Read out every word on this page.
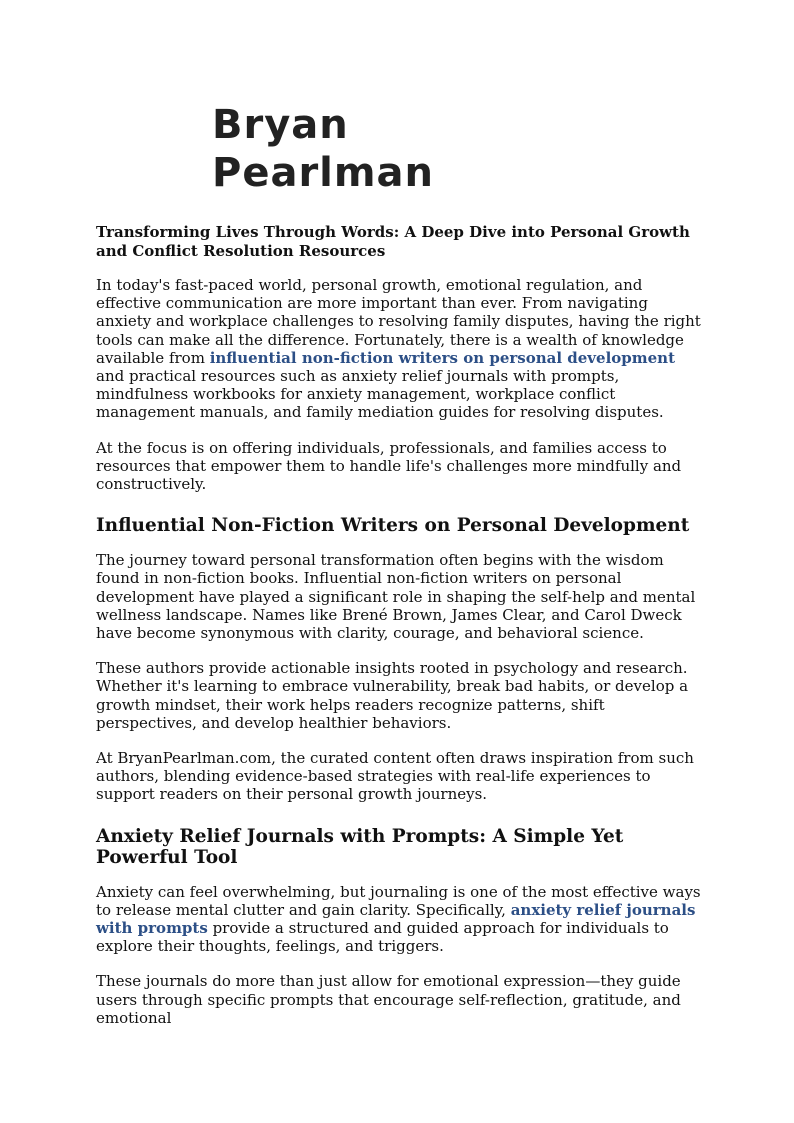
Bryan
Pearlman
Transforming Lives Through Words: A Deep Dive into Personal Growth and Conflict Resolution Resources

In today's fast-paced world, personal growth, emotional regulation, and effective communication are more important than ever. From navigating anxiety and workplace challenges to resolving family disputes, having the right tools can make all the difference. Fortunately, there is a wealth of knowledge available from influential non-fiction writers on personal development and practical resources such as anxiety relief journals with prompts, mindfulness workbooks for anxiety management, workplace conflict management manuals, and family mediation guides for resolving disputes.

At the focus is on offering individuals, professionals, and families access to resources that empower them to handle life's challenges more mindfully and constructively.

Influential Non-Fiction Writers on Personal Development

The journey toward personal transformation often begins with the wisdom found in non-fiction books. Influential non-fiction writers on personal development have played a significant role in shaping the self-help and mental wellness landscape. Names like Brené Brown, James Clear, and Carol Dweck have become synonymous with clarity, courage, and behavioral science.

These authors provide actionable insights rooted in psychology and research. Whether it's learning to embrace vulnerability, break bad habits, or develop a growth mindset, their work helps readers recognize patterns, shift perspectives, and develop healthier behaviors.

At BryanPearlman.com, the curated content often draws inspiration from such authors, blending evidence-based strategies with real-life experiences to support readers on their personal growth journeys.

Anxiety Relief Journals with Prompts: A Simple Yet Powerful Tool

Anxiety can feel overwhelming, but journaling is one of the most effective ways to release mental clutter and gain clarity. Specifically, anxiety relief journals with prompts provide a structured and guided approach for individuals to explore their thoughts, feelings, and triggers.

These journals do more than just allow for emotional expression—they guide users through specific prompts that encourage self-reflection, gratitude, and emotional
